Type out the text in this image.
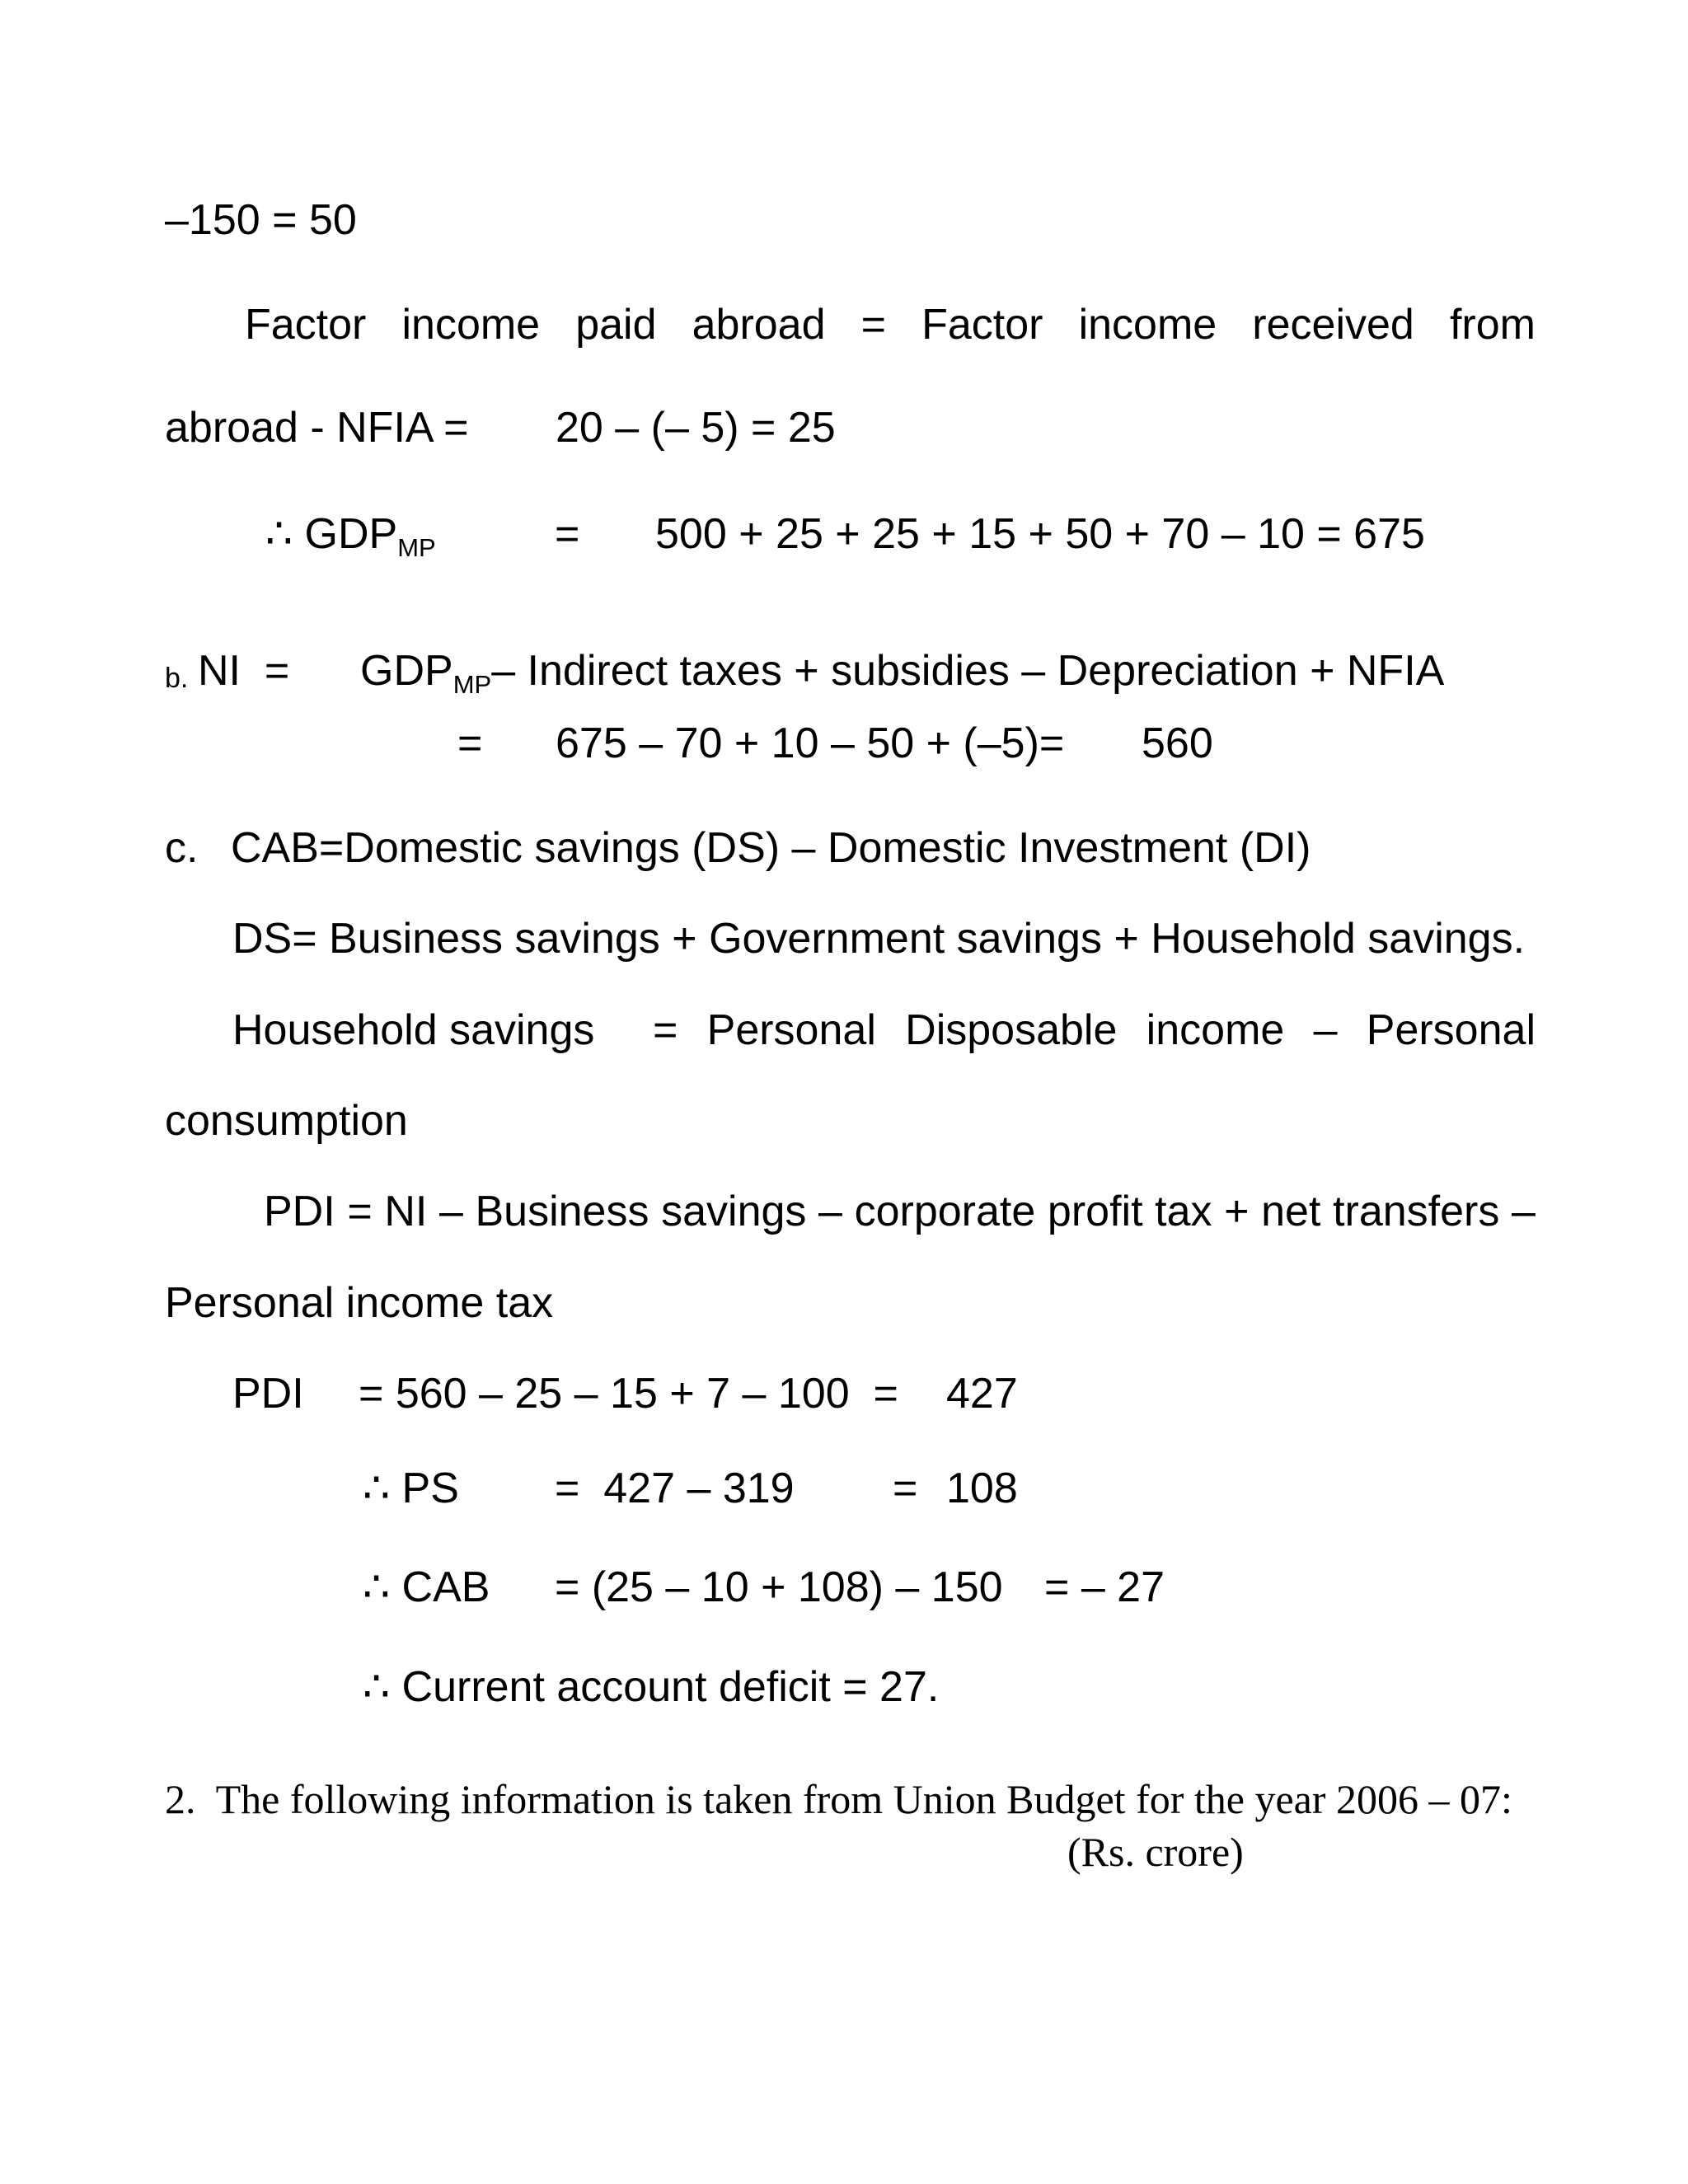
–150 = 50
Factor income paid abroad = Factor income received from
abroad - NFIA = 20 – (– 5) = 25
∴ $GDP_{MP}$	= 500 + 25 + 25 + 15 + 50 + 70 – 10 = 675
b. NI  = $GDP_{MP}-$ Indirect taxes + subsidies – Depreciation + NFIA
= 675 – 70 + 10 – 50 + (–5)= 560
c. CAB=Domestic savings (DS) – Domestic Investment (DI)
DS= Business savings + Government savings + Household savings.
Household savings = Personal Disposable income – Personal
consumption
PDI = NI – Business savings – corporate profit tax + net transfers –
Personal income tax
PDI = 560 – 25 – 15 + 7 – 100  = 427
∴ PS =  427 – 319 = 108
∴ CAB = (25 – 10 + 108) – 150 = – 27
∴ Current account deficit = 27.
2.  The following information is taken from Union Budget for the year 2006 – 07:
(Rs. crore)
